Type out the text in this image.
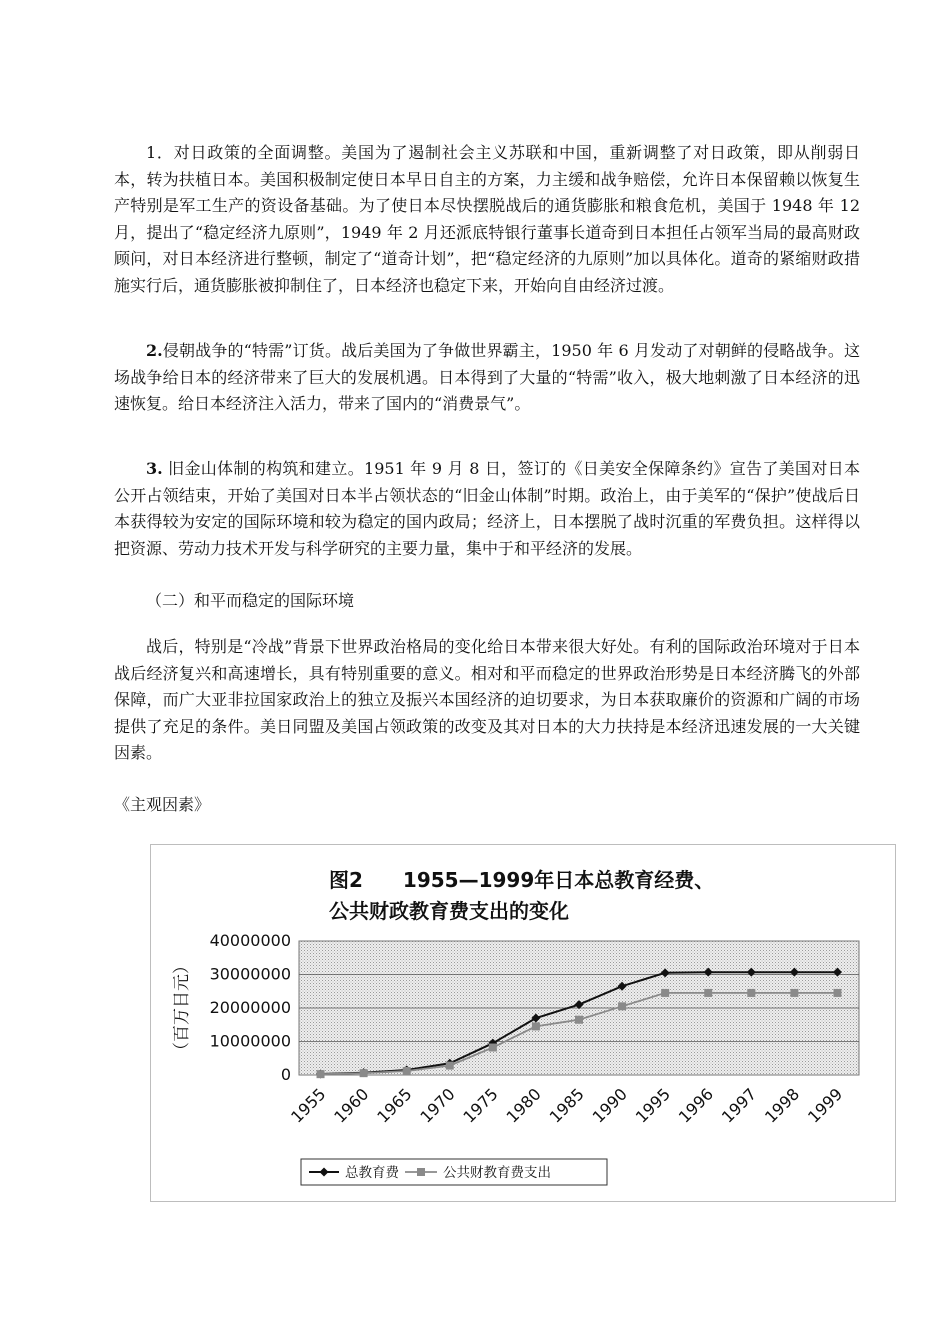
1．对日政策的全面调整。美国为了遏制社会主义苏联和中国，重新调整了对日政策，即从削弱日本，转为扶植日本。美国积极制定使日本早日自主的方案，力主缓和战争赔偿，允许日本保留赖以恢复生产特别是军工生产的资设备基础。为了使日本尽快摆脱战后的通货膨胀和粮食危机，美国于 1948 年 12 月，提出了“稳定经济九原则”，1949 年 2 月还派底特银行董事长道奇到日本担任占领军当局的最高财政顾问，对日本经济进行整顿，制定了“道奇计划”，把“稳定经济的九原则”加以具体化。道奇的紧缩财政措施实行后，通货膨胀被抑制住了，日本经济也稳定下来，开始向自由经济过渡。

2.侵朝战争的“特需”订货。战后美国为了争做世界霸主，1950 年 6 月发动了对朝鲜的侵略战争。这场战争给日本的经济带来了巨大的发展机遇。日本得到了大量的“特需”收入，极大地刺激了日本经济的迅速恢复。给日本经济注入活力，带来了国内的“消费景气”。

3. 旧金山体制的构筑和建立。1951 年 9 月 8 日，签订的《日美安全保障条约》宣告了美国对日本公开占领结束，开始了美国对日本半占领状态的“旧金山体制”时期。政治上，由于美军的“保护”使战后日本获得较为安定的国际环境和较为稳定的国内政局；经济上，日本摆脱了战时沉重的军费负担。这样得以把资源、劳动力技术开发与科学研究的主要力量，集中于和平经济的发展。

（二）和平而稳定的国际环境

战后，特别是“冷战”背景下世界政治格局的变化给日本带来很大好处。有利的国际政治环境对于日本战后经济复兴和高速增长，具有特别重要的意义。相对和平而稳定的世界政治形势是日本经济腾飞的外部保障，而广大亚非拉国家政治上的独立及振兴本国经济的迫切要求，为日本获取廉价的资源和广阔的市场提供了充足的条件。美日同盟及美国占领政策的改变及其对日本的大力扶持是本经济迅速发展的一大关键因素。

《主观因素》

图2　　1955—1999年日本总教育经费、
公共财政教育费支出的变化
0
10000000
20000000
30000000
40000000
（百万日元）
1955 1960 1965 1970 1975 1980 1985 1990 1995 1996 1997 1998 1999
总教育费	公共财教育费支出
